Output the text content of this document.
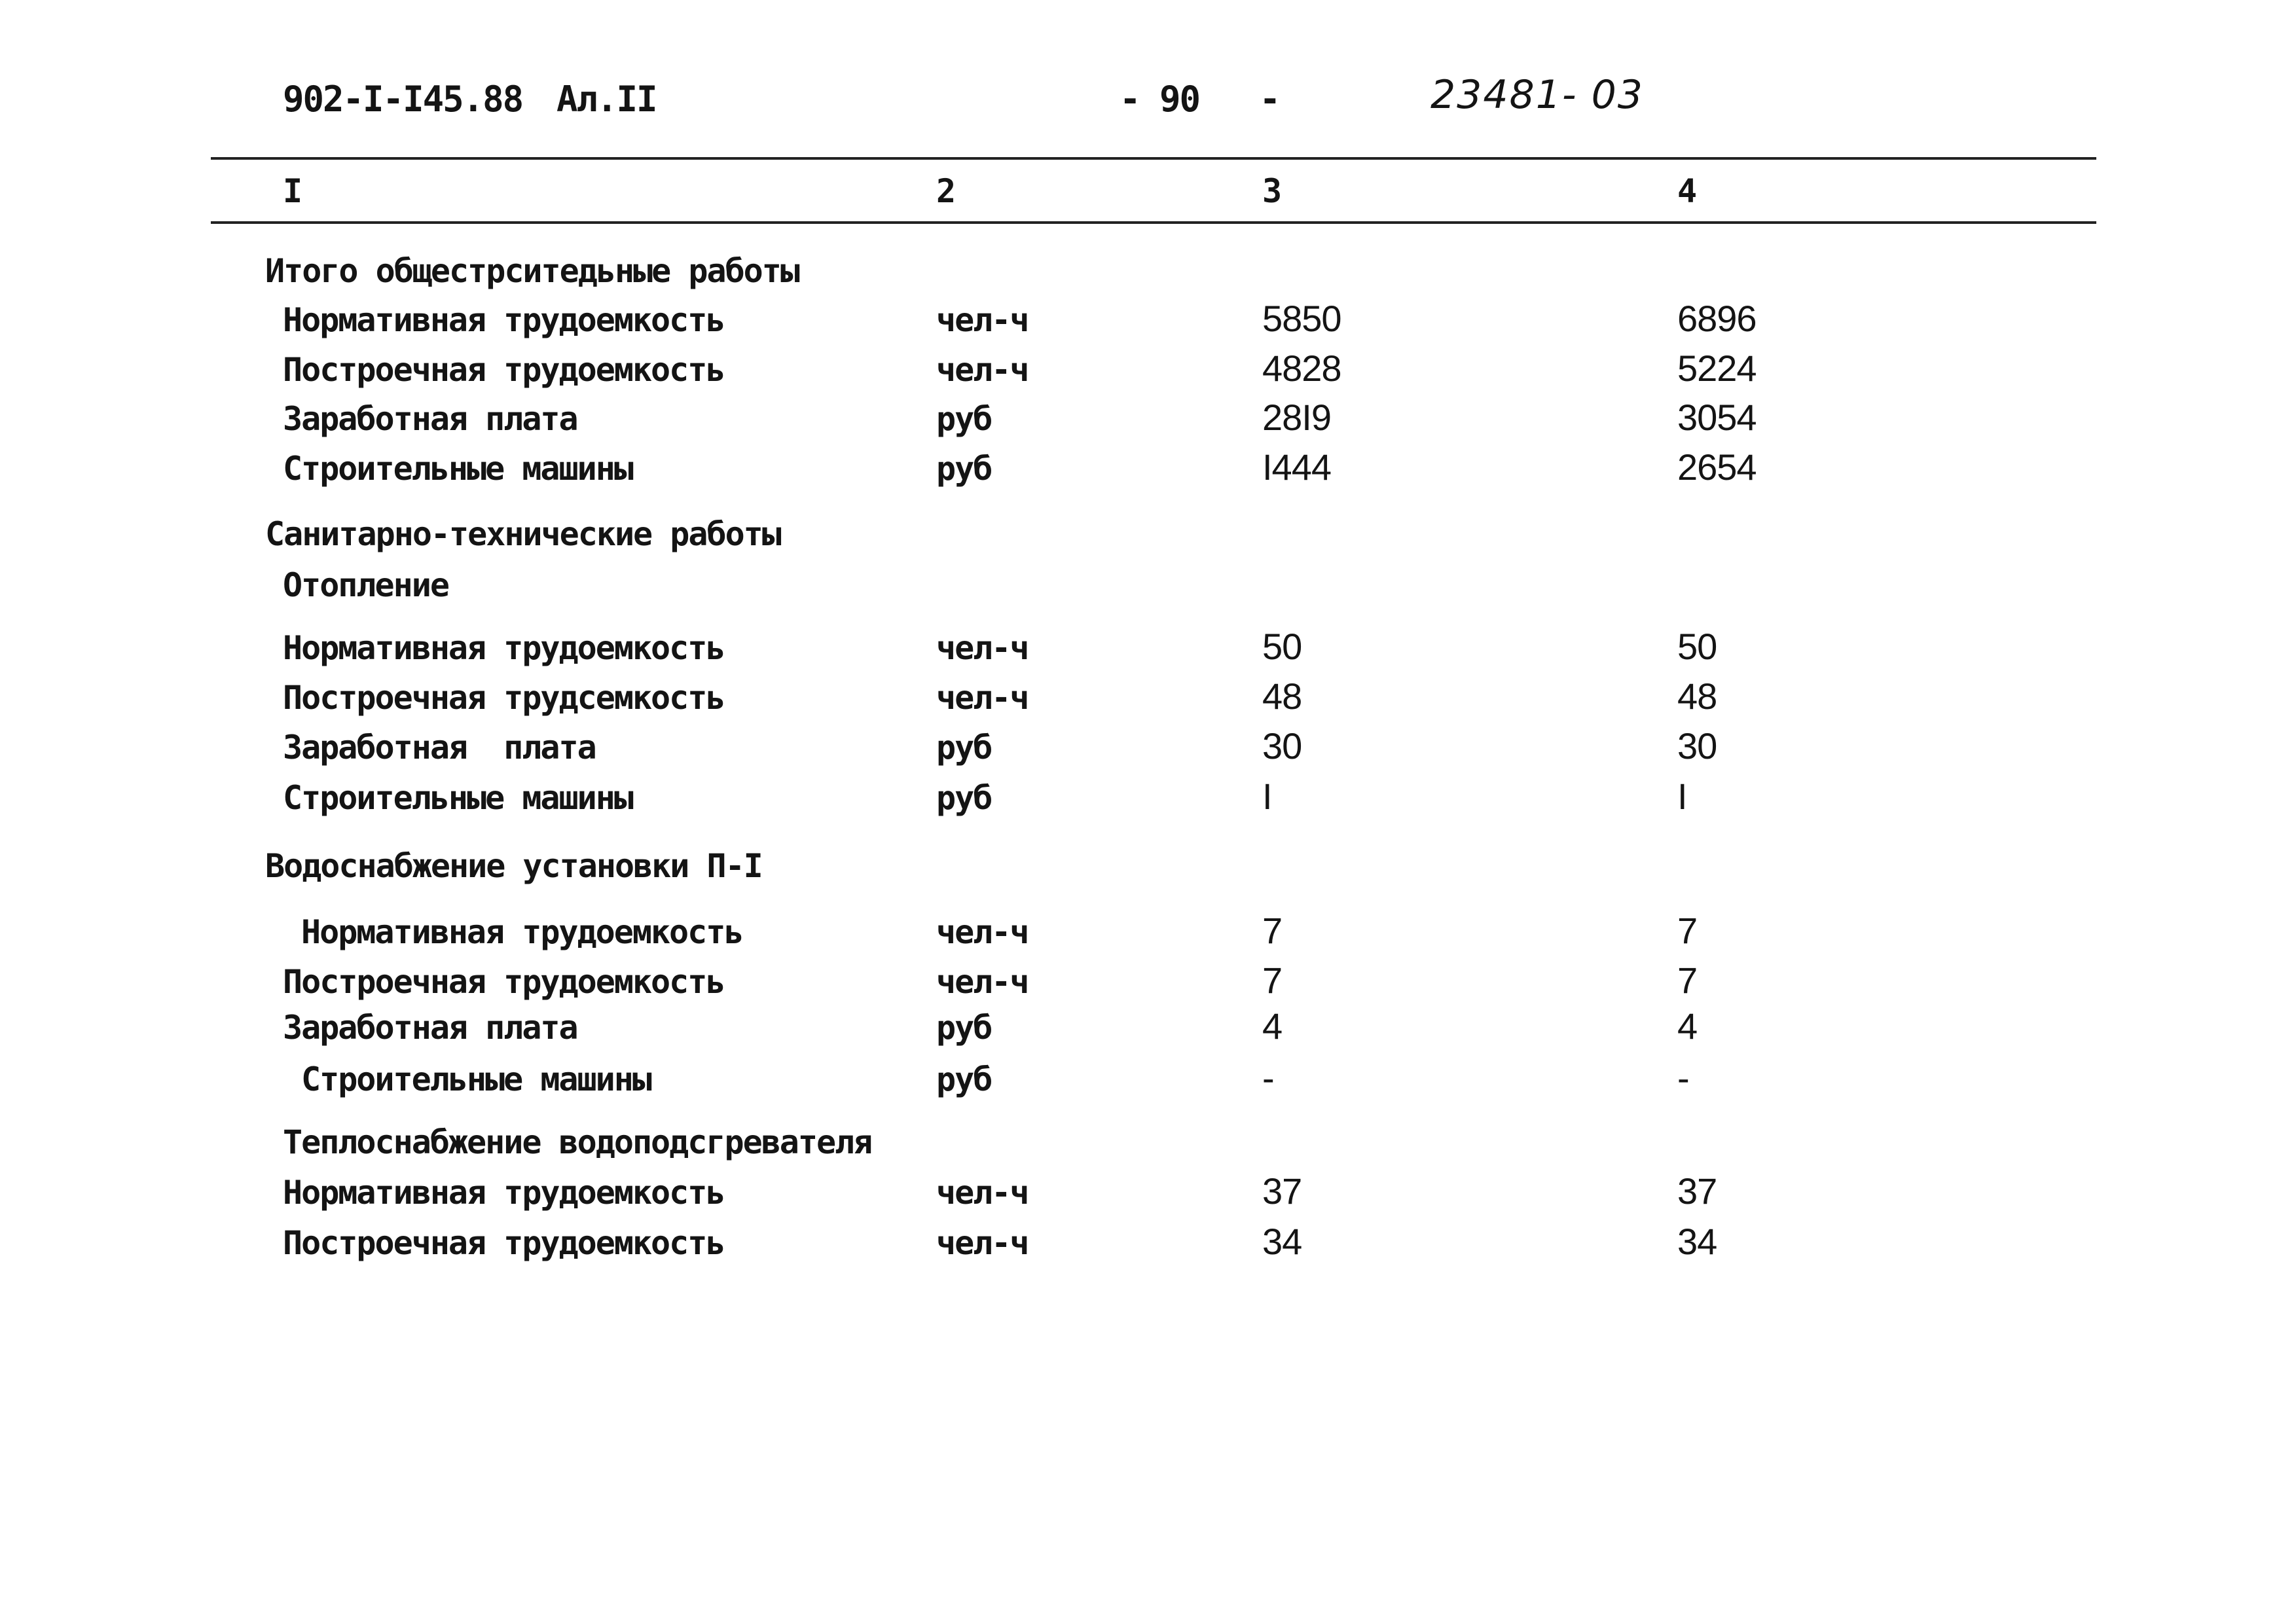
902-I-I45.88 Ал.II	- 90   -	23481- 03
I	2	3	4
Итого общестрситедьные работы
Нормативная трудоемкость	чел-ч	5850	6896
Построечная трудоемкость	чел-ч	4828	5224
Заработная плата	руб	28I9	3054
Строительные машины	руб	I444	2654
Санитарно-технические работы
Отопление
Нормативная трудоемкость	чел-ч	50	50
Построечная трудсемкость	чел-ч	48	48
Заработная  плата	руб	30	30
Строительные машины	руб	I	I
Водоснабжение установки П-I
Нормативная трудоемкость	чел-ч	7	7
Построечная трудоемкость	чел-ч	7	7
Заработная плата	руб	4	4
Строительные машины	руб	-	-
Теплоснабжение водоподсгревателя
Нормативная трудоемкость	чел-ч	37	37
Построечная трудоемкость	чел-ч	34	34
